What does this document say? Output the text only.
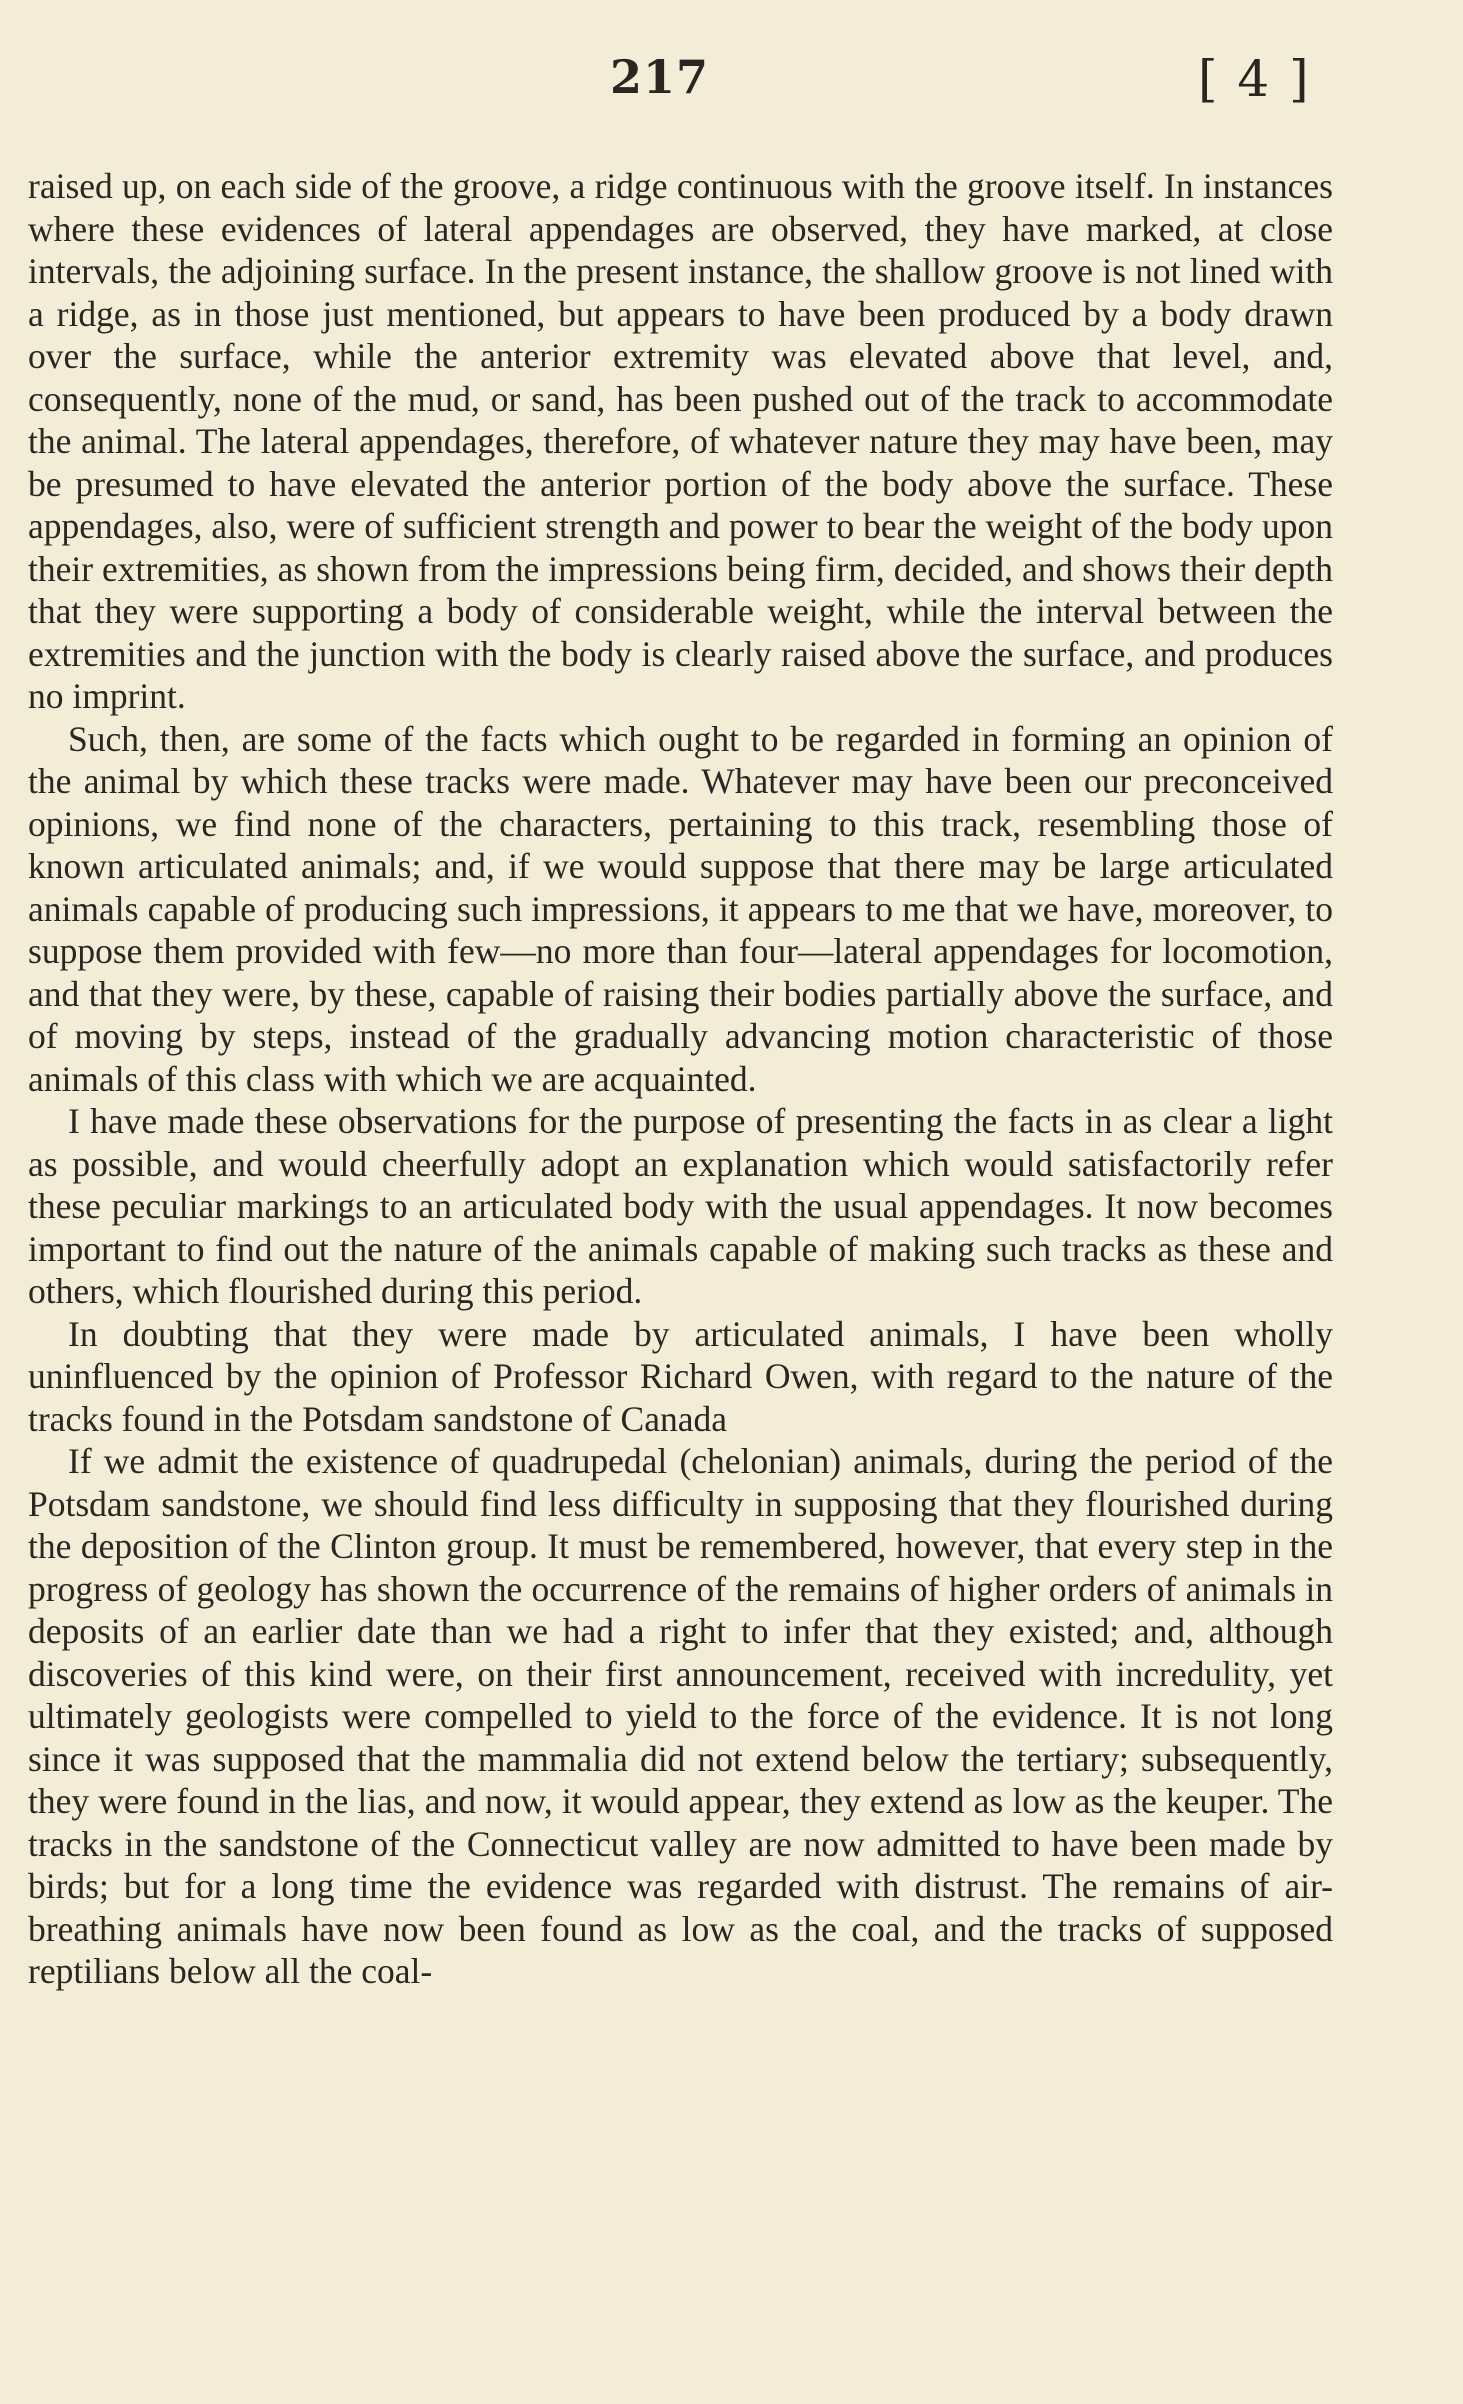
217	[ 4 ]

raised up, on each side of the groove, a ridge continuous with the groove itself. In instances where these evidences of lateral appendages are observed, they have marked, at close intervals, the adjoining surface. In the present instance, the shallow groove is not lined with a ridge, as in those just mentioned, but appears to have been produced by a body drawn over the surface, while the anterior extremity was elevated above that level, and, consequently, none of the mud, or sand, has been pushed out of the track to accommodate the animal. The lateral appendages, therefore, of whatever nature they may have been, may be presumed to have elevated the anterior portion of the body above the surface. These appendages, also, were of sufficient strength and power to bear the weight of the body upon their extremities, as shown from the impressions being firm, decided, and shows their depth that they were supporting a body of considerable weight, while the interval between the extremities and the junction with the body is clearly raised above the surface, and produces no imprint.

Such, then, are some of the facts which ought to be regarded in forming an opinion of the animal by which these tracks were made. Whatever may have been our preconceived opinions, we find none of the characters, pertaining to this track, resembling those of known articulated animals; and, if we would suppose that there may be large articulated animals capable of producing such impressions, it appears to me that we have, moreover, to suppose them provided with few—no more than four—lateral appendages for locomotion, and that they were, by these, capable of raising their bodies partially above the surface, and of moving by steps, instead of the gradually advancing motion characteristic of those animals of this class with which we are acquainted.

I have made these observations for the purpose of presenting the facts in as clear a light as possible, and would cheerfully adopt an explanation which would satisfactorily refer these peculiar markings to an articulated body with the usual appendages. It now becomes important to find out the nature of the animals capable of making such tracks as these and others, which flourished during this period.

In doubting that they were made by articulated animals, I have been wholly uninfluenced by the opinion of Professor Richard Owen, with regard to the nature of the tracks found in the Potsdam sandstone of Canada

If we admit the existence of quadrupedal (chelonian) animals, during the period of the Potsdam sandstone, we should find less difficulty in supposing that they flourished during the deposition of the Clinton group. It must be remembered, however, that every step in the progress of geology has shown the occurrence of the remains of higher orders of animals in deposits of an earlier date than we had a right to infer that they existed; and, although discoveries of this kind were, on their first announcement, received with incredulity, yet ultimately geologists were compelled to yield to the force of the evidence. It is not long since it was supposed that the mammalia did not extend below the tertiary; subsequently, they were found in the lias, and now, it would appear, they extend as low as the keuper. The tracks in the sandstone of the Connecticut valley are now admitted to have been made by birds; but for a long time the evidence was regarded with distrust. The remains of air-breathing animals have now been found as low as the coal, and the tracks of supposed reptilians below all the coal-
